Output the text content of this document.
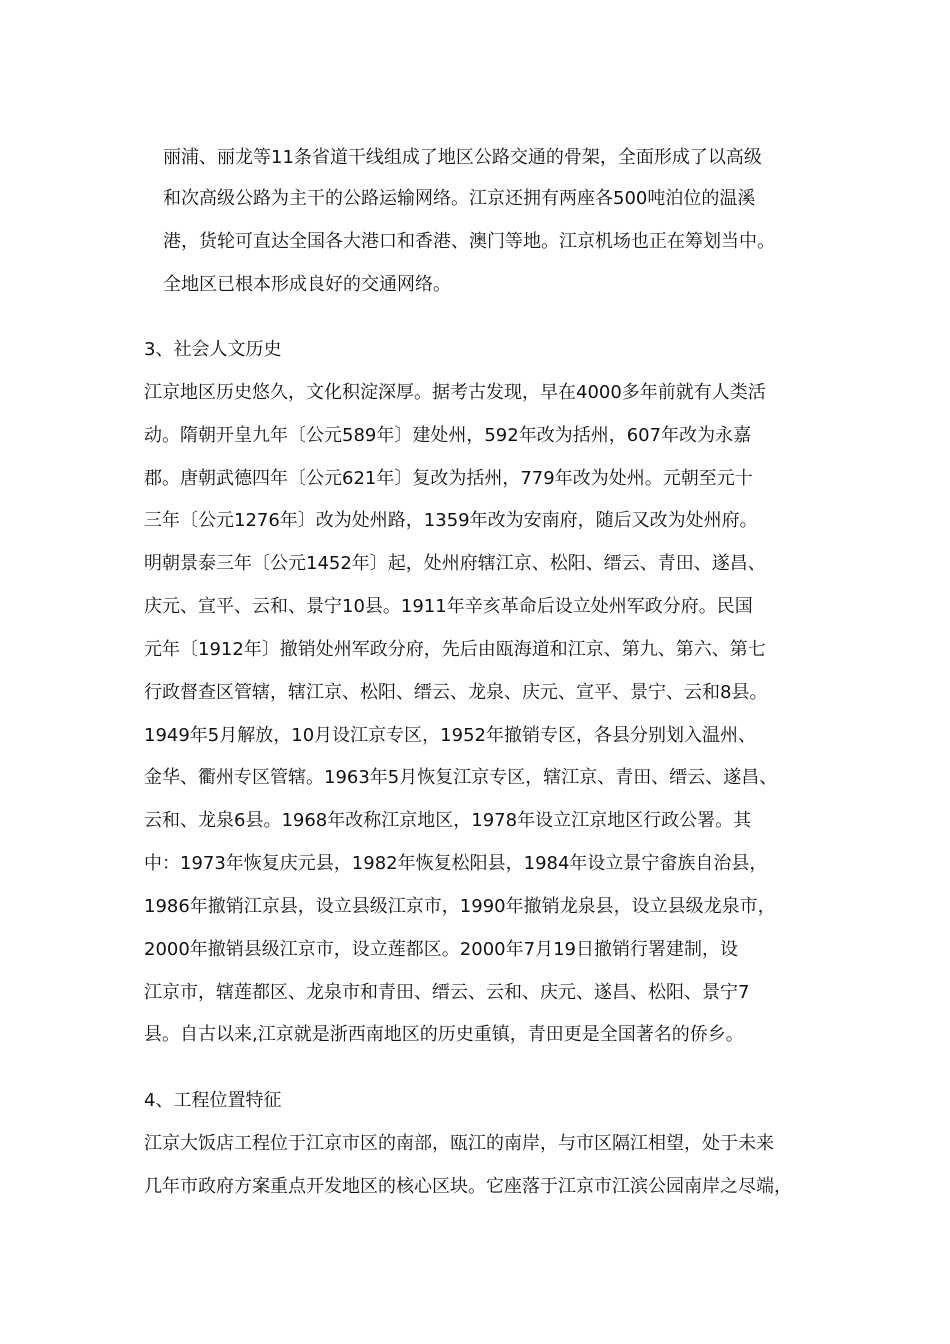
丽浦、丽龙等11条省道干线组成了地区公路交通的骨架，全面形成了以高级
和次高级公路为主干的公路运输网络。江京还拥有两座各500吨泊位的温溪
港，货轮可直达全国各大港口和香港、澳门等地。江京机场也正在筹划当中。
全地区已根本形成良好的交通网络。
3、社会人文历史
江京地区历史悠久，文化积淀深厚。据考古发现，早在4000多年前就有人类活
动。隋朝开皇九年〔公元589年〕建处州，592年改为括州，607年改为永嘉
郡。唐朝武德四年〔公元621年〕复改为括州，779年改为处州。元朝至元十
三年〔公元1276年〕改为处州路，1359年改为安南府，随后又改为处州府。
明朝景泰三年〔公元1452年〕起，处州府辖江京、松阳、缙云、青田、遂昌、
庆元、宣平、云和、景宁10县。1911年辛亥革命后设立处州军政分府。民国
元年〔1912年〕撤销处州军政分府，先后由瓯海道和江京、第九、第六、第七
行政督查区管辖，辖江京、松阳、缙云、龙泉、庆元、宣平、景宁、云和8县。
1949年5月解放，10月设江京专区，1952年撤销专区，各县分别划入温州、
金华、衢州专区管辖。1963年5月恢复江京专区，辖江京、青田、缙云、遂昌、
云和、龙泉6县。1968年改称江京地区，1978年设立江京地区行政公署。其
中：1973年恢复庆元县，1982年恢复松阳县，1984年设立景宁畲族自治县，
1986年撤销江京县，设立县级江京市，1990年撤销龙泉县，设立县级龙泉市，
2000年撤销县级江京市，设立莲都区。2000年7月19日撤销行署建制，设
江京市，辖莲都区、龙泉市和青田、缙云、云和、庆元、遂昌、松阳、景宁7
县。自古以来,江京就是浙西南地区的历史重镇，青田更是全国著名的侨乡。
4、工程位置特征
江京大饭店工程位于江京市区的南部，瓯江的南岸，与市区隔江相望，处于未来
几年市政府方案重点开发地区的核心区块。它座落于江京市江滨公园南岸之尽端，
